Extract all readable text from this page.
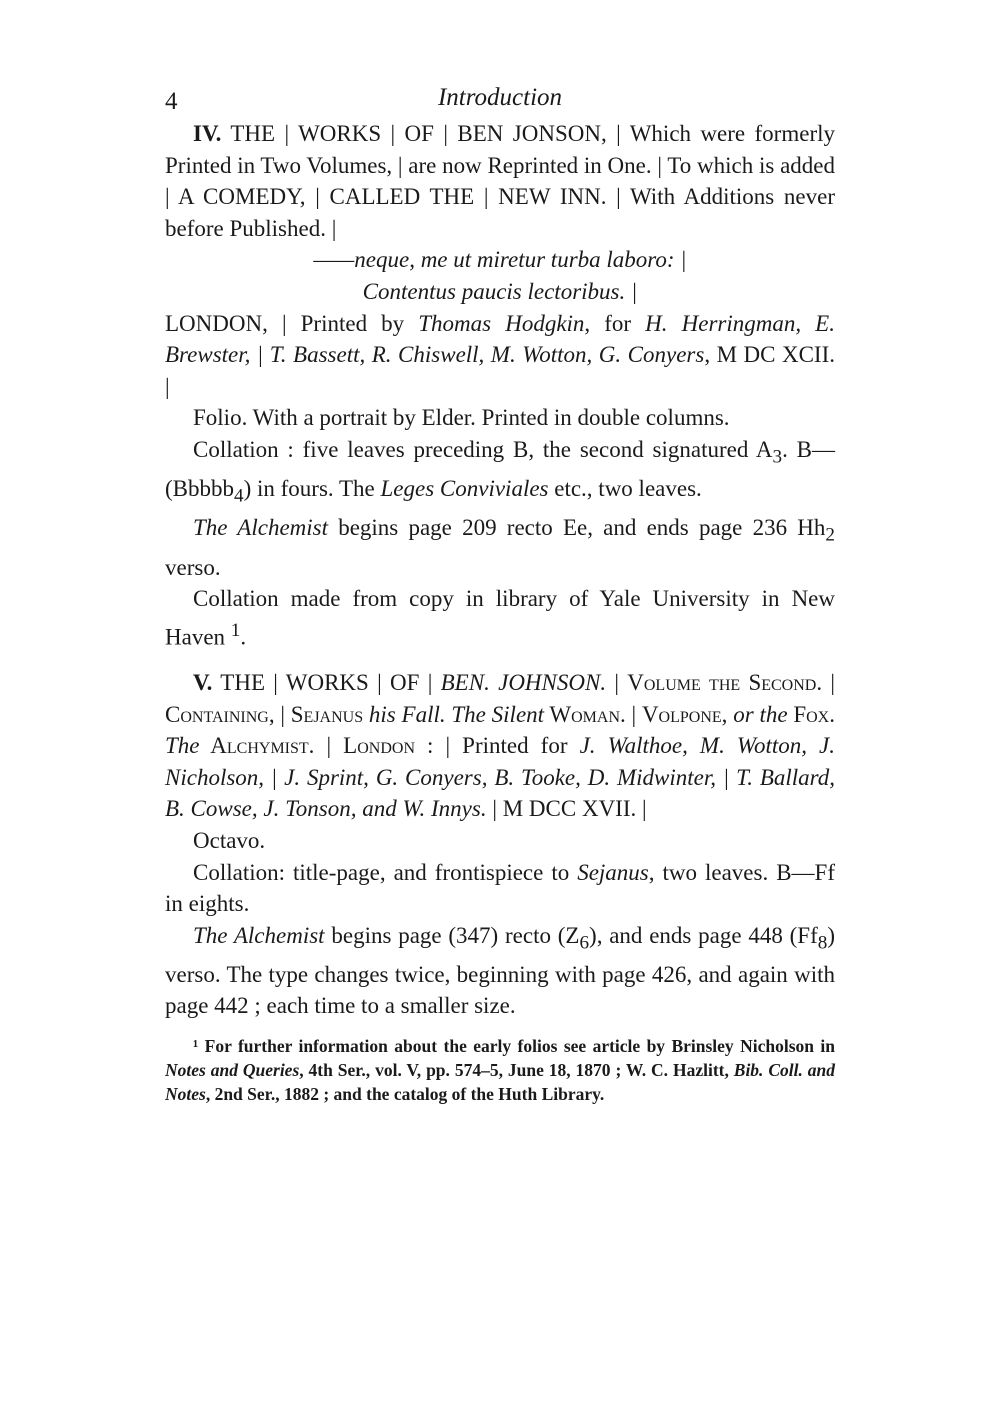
4	Introduction

IV. THE | WORKS | OF | BEN JONSON, | Which were formerly Printed in Two Volumes, | are now Reprinted in One. | To which is added | A COMEDY, | CALLED THE | NEW INN. | With Additions never before Published. |

——neque, me ut miretur turba laboro: |

Contentus paucis lectoribus. |

LONDON, | Printed by Thomas Hodgkin, for H. Herringman, E. Brewster, | T. Bassett, R. Chiswell, M. Wotton, G. Conyers, M DC XCII. |

Folio. With a portrait by Elder. Printed in double columns.

Collation : five leaves preceding B, the second signatured $A_3$. B—(Bbbbb$_4$) in fours. The Leges Conviviales etc., two leaves.

The Alchemist begins page 209 recto Ee, and ends page 236 $Hh_2$ verso.

Collation made from copy in library of Yale University in New Haven $^1$.

V. THE | WORKS | OF | BEN. JOHNSON. | Volume the Second. | Containing, | Sejanus his Fall. The Silent Woman. | Volpone, or the Fox. The Alchymist. | London : | Printed for J. Walthoe, M. Wotton, J. Nicholson, | J. Sprint, G. Conyers, B. Tooke, D. Midwinter, | T. Ballard, B. Cowse, J. Tonson, and W. Innys. | M DCC XVII. |

Octavo.

Collation: title-page, and frontispiece to Sejanus, two leaves. B—Ff in eights.

The Alchemist begins page (347) recto $(Z_6)$, and ends page 448 $(Ff_8)$ verso. The type changes twice, beginning with page 426, and again with page 442 ; each time to a smaller size.

¹ For further information about the early folios see article by Brinsley Nicholson in Notes and Queries, 4th Ser., vol. V, pp. 574–5, June 18, 1870 ; W. C. Hazlitt, Bib. Coll. and Notes, 2nd Ser., 1882 ; and the catalog of the Huth Library.
